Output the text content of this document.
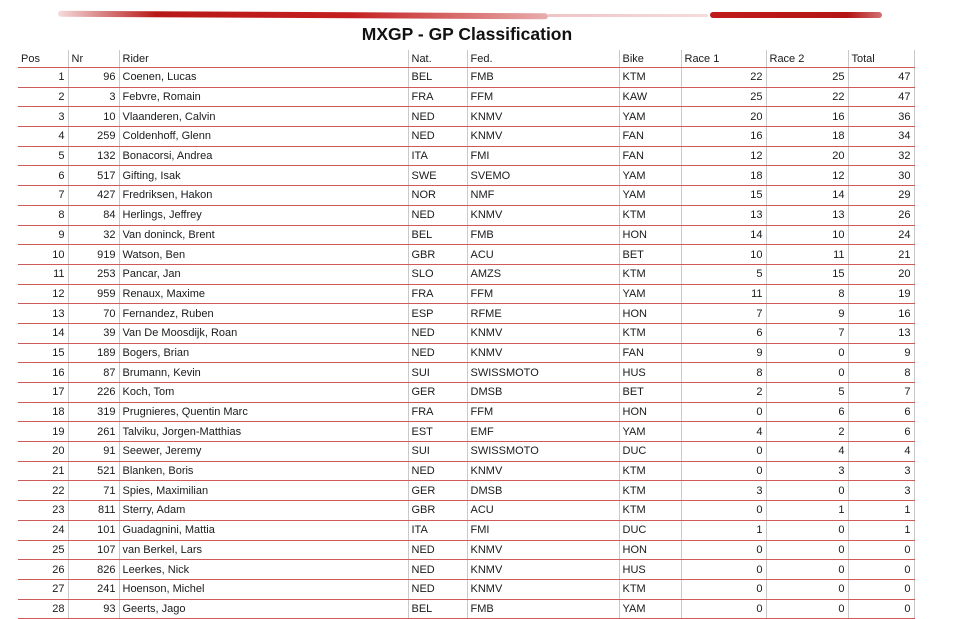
MXGP - GP Classification
Pos	Nr	Rider	Nat.	Fed.	Bike	Race 1	Race 2	Total
1	96	Coenen, Lucas	BEL	FMB	KTM	22	25	47
2	3	Febvre, Romain	FRA	FFM	KAW	25	22	47
3	10	Vlaanderen, Calvin	NED	KNMV	YAM	20	16	36
4	259	Coldenhoff, Glenn	NED	KNMV	FAN	16	18	34
5	132	Bonacorsi, Andrea	ITA	FMI	FAN	12	20	32
6	517	Gifting, Isak	SWE	SVEMO	YAM	18	12	30
7	427	Fredriksen, Hakon	NOR	NMF	YAM	15	14	29
8	84	Herlings, Jeffrey	NED	KNMV	KTM	13	13	26
9	32	Van doninck, Brent	BEL	FMB	HON	14	10	24
10	919	Watson, Ben	GBR	ACU	BET	10	11	21
11	253	Pancar, Jan	SLO	AMZS	KTM	5	15	20
12	959	Renaux, Maxime	FRA	FFM	YAM	11	8	19
13	70	Fernandez, Ruben	ESP	RFME	HON	7	9	16
14	39	Van De Moosdijk, Roan	NED	KNMV	KTM	6	7	13
15	189	Bogers, Brian	NED	KNMV	FAN	9	0	9
16	87	Brumann, Kevin	SUI	SWISSMOTO	HUS	8	0	8
17	226	Koch, Tom	GER	DMSB	BET	2	5	7
18	319	Prugnieres, Quentin Marc	FRA	FFM	HON	0	6	6
19	261	Talviku, Jorgen-Matthias	EST	EMF	YAM	4	2	6
20	91	Seewer, Jeremy	SUI	SWISSMOTO	DUC	0	4	4
21	521	Blanken, Boris	NED	KNMV	KTM	0	3	3
22	71	Spies, Maximilian	GER	DMSB	KTM	3	0	3
23	811	Sterry, Adam	GBR	ACU	KTM	0	1	1
24	101	Guadagnini, Mattia	ITA	FMI	DUC	1	0	1
25	107	van Berkel, Lars	NED	KNMV	HON	0	0	0
26	826	Leerkes, Nick	NED	KNMV	HUS	0	0	0
27	241	Hoenson, Michel	NED	KNMV	KTM	0	0	0
28	93	Geerts, Jago	BEL	FMB	YAM	0	0	0
